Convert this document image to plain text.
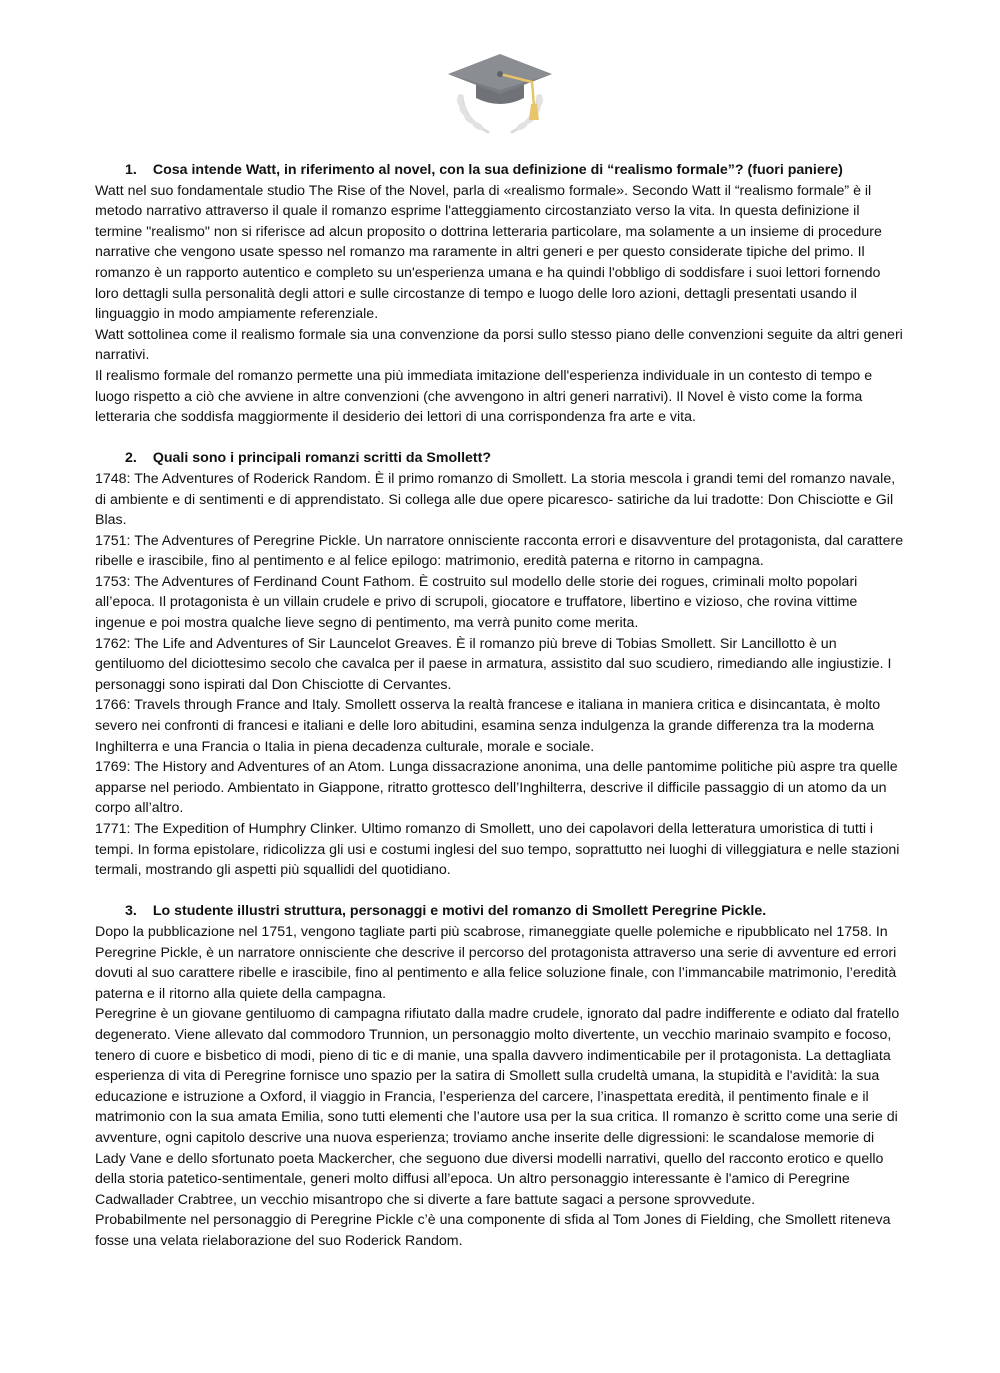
1. Cosa intende Watt, in riferimento al novel, con la sua definizione di “realismo formale”? (fuori paniere)

Watt nel suo fondamentale studio The Rise of the Novel, parla di «realismo formale». Secondo Watt il “realismo formale” è il metodo narrativo attraverso il quale il romanzo esprime l'atteggiamento circostanziato verso la vita. In questa definizione il termine "realismo" non si riferisce ad alcun proposito o dottrina letteraria particolare, ma solamente a un insieme di procedure narrative che vengono usate spesso nel romanzo ma raramente in altri generi e per questo considerate tipiche del primo. Il romanzo è un rapporto autentico e completo su un'esperienza umana e ha quindi l'obbligo di soddisfare i suoi lettori fornendo loro dettagli sulla personalità degli attori e sulle circostanze di tempo e luogo delle loro azioni, dettagli presentati usando il linguaggio in modo ampiamente referenziale.

Watt sottolinea come il realismo formale sia una convenzione da porsi sullo stesso piano delle convenzioni seguite da altri generi narrativi.

Il realismo formale del romanzo permette una più immediata imitazione dell'esperienza individuale in un contesto di tempo e luogo rispetto a ciò che avviene in altre convenzioni (che avvengono in altri generi narrativi). Il Novel è visto come la forma letteraria che soddisfa maggiormente il desiderio dei lettori di una corrispondenza fra arte e vita.

2. Quali sono i principali romanzi scritti da Smollett?

1748: The Adventures of Roderick Random. È il primo romanzo di Smollett. La storia mescola i grandi temi del romanzo navale, di ambiente e di sentimenti e di apprendistato. Si collega alle due opere picaresco- satiriche da lui tradotte: Don Chisciotte e Gil Blas.

1751: The Adventures of Peregrine Pickle. Un narratore onnisciente racconta errori e disavventure del protagonista, dal carattere ribelle e irascibile, fino al pentimento e al felice epilogo: matrimonio, eredità paterna e ritorno in campagna.

1753: The Adventures of Ferdinand Count Fathom. È costruito sul modello delle storie dei rogues, criminali molto popolari all’epoca. Il protagonista è un villain crudele e privo di scrupoli, giocatore e truffatore, libertino e vizioso, che rovina vittime ingenue e poi mostra qualche lieve segno di pentimento, ma verrà punito come merita.

1762: The Life and Adventures of Sir Launcelot Greaves. È il romanzo più breve di Tobias Smollett. Sir Lancillotto è un gentiluomo del diciottesimo secolo che cavalca per il paese in armatura, assistito dal suo scudiero, rimediando alle ingiustizie. I personaggi sono ispirati dal Don Chisciotte di Cervantes.

1766: Travels through France and Italy. Smollett osserva la realtà francese e italiana in maniera critica e disincantata, è molto severo nei confronti di francesi e italiani e delle loro abitudini, esamina senza indulgenza la grande differenza tra la moderna Inghilterra e una Francia o Italia in piena decadenza culturale, morale e sociale.

1769: The History and Adventures of an Atom. Lunga dissacrazione anonima, una delle pantomime politiche più aspre tra quelle apparse nel periodo. Ambientato in Giappone, ritratto grottesco dell’Inghilterra, descrive il difficile passaggio di un atomo da un corpo all’altro.

1771: The Expedition of Humphry Clinker. Ultimo romanzo di Smollett, uno dei capolavori della letteratura umoristica di tutti i tempi. In forma epistolare, ridicolizza gli usi e costumi inglesi del suo tempo, soprattutto nei luoghi di villeggiatura e nelle stazioni termali, mostrando gli aspetti più squallidi del quotidiano.

3. Lo studente illustri struttura, personaggi e motivi del romanzo di Smollett Peregrine Pickle.

Dopo la pubblicazione nel 1751, vengono tagliate parti più scabrose, rimaneggiate quelle polemiche e ripubblicato nel 1758. In Peregrine Pickle, è un narratore onnisciente che descrive il percorso del protagonista attraverso una serie di avventure ed errori dovuti al suo carattere ribelle e irascibile, fino al pentimento e alla felice soluzione finale, con l’immancabile matrimonio, l’eredità paterna e il ritorno alla quiete della campagna.

Peregrine è un giovane gentiluomo di campagna rifiutato dalla madre crudele, ignorato dal padre indifferente e odiato dal fratello degenerato. Viene allevato dal commodoro Trunnion, un personaggio molto divertente, un vecchio marinaio svampito e focoso, tenero di cuore e bisbetico di modi, pieno di tic e di manie, una spalla davvero indimenticabile per il protagonista. La dettagliata esperienza di vita di Peregrine fornisce uno spazio per la satira di Smollett sulla crudeltà umana, la stupidità e l'avidità: la sua educazione e istruzione a Oxford, il viaggio in Francia, l’esperienza del carcere, l’inaspettata eredità, il pentimento finale e il matrimonio con la sua amata Emilia, sono tutti elementi che l’autore usa per la sua critica. Il romanzo è scritto come una serie di avventure, ogni capitolo descrive una nuova esperienza; troviamo anche inserite delle digressioni: le scandalose memorie di Lady Vane e dello sfortunato poeta Mackercher, che seguono due diversi modelli narrativi, quello del racconto erotico e quello della storia patetico-sentimentale, generi molto diffusi all’epoca. Un altro personaggio interessante è l'amico di Peregrine Cadwallader Crabtree, un vecchio misantropo che si diverte a fare battute sagaci a persone sprovvedute.

Probabilmente nel personaggio di Peregrine Pickle c’è una componente di sfida al Tom Jones di Fielding, che Smollett riteneva fosse una velata rielaborazione del suo Roderick Random.
